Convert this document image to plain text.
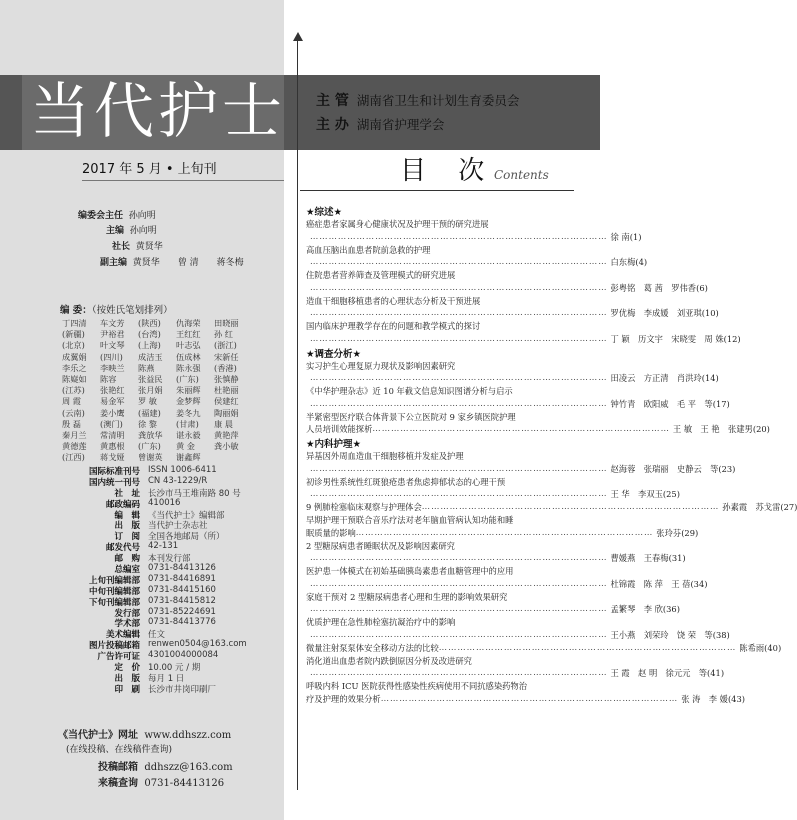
当代护士 主 管 湖南省卫生和计划生育委员会
主 办 湖南省护理学会
2017 年 5 月 • 上旬刊	目 次
Contents
编委会主任 孙向明
主编 孙向明
社长 黄贤华
副主编 黄贤华　　曾 清　　蒋冬梅
编 委：（按姓氏笔划排列）
丁四清	车文芳	(陕西)	仇海荣	田晓丽
(新疆)	尹裕君	(台湾)	王红红	孙 红
(北京)	叶文琴	(上海)	叶志弘	(浙江)
成翼娟	(四川)	成洁玉	伍成林	宋新任
李乐之	李映兰	陈燕	陈永强	(香港)
陈嶷如	陈容	张益民	(广东)	张慎静
(江苏)	张艳红	张月娟	朱丽辉	杜艳丽
周 霞	易金军	罗 敏	金梦辉	侯建红
(云南)	姜小鹰	(福建)	姜冬九	陶丽娟
殷 磊	(澳门)	徐 黎	(甘肃)	康 晨
秦月兰	常清明	龚放华	谌永毅	黄艳萍
黄德莲	黄惠根	(广东)	黄 金	龚小敏
(江西)	蒋戈娅	曾谢英	谢鑫辉
国际标准刊号 ISSN 1006-6411
国内统一刊号 CN 43-1229/R
社　址 长沙市马王堆南路 80 号
邮政编码 410016
编　辑 《当代护士》编辑部
出　版 当代护士杂志社
订　阅 全国各地邮局（所）
邮发代号 42-131
邮　购 本刊发行部
总编室 0731-84413126
上旬刊编辑部 0731-84416891
中旬刊编辑部 0731-84415160
下旬刊编辑部 0731-84415812
发行部 0731-85224691
学术部 0731-84413776
美术编辑 任文
图片投稿邮箱 renwen0504@163.com
广告许可证 4301004000084
定　价 10.00 元 / 期
出　版 每月 1 日
印　刷 长沙市井岗印刷厂
《当代护士》网址 www.ddhszz.com
(在线投稿、在线稿件查询)
投稿邮箱 ddhszz@163.com
来稿查询 0731-84413126
★综述★
癌症患者家属身心健康状况及护理干预的研究进展
…………………………………………………………………………………… 徐 南(1)
高血压脑出血患者院前急救的护理
…………………………………………………………………………………… 白东梅(4)
住院患者营养筛查及管理模式的研究进展
…………………………………………………………………………………… 彭粤铭　葛 茜　罗伟香(6)
造血干细胞移植患者的心理状态分析及干预进展
…………………………………………………………………………………… 罗优梅　李成媛　刘亚琪(10)
国内临床护理教学存在的问题和教学模式的探讨
…………………………………………………………………………………… 丁 颖　历文宇　宋晓雯　周 姝(12)
★调查分析★
实习护生心理复原力现状及影响因素研究
…………………………………………………………………………………… 田凌云　方正清　肖洪玲(14)
《中华护理杂志》近 10 年截文信息知识图谱分析与启示
…………………………………………………………………………………… 钟竹青　欧阳威　毛 平　等(17)
半紧密型医疗联合体背景下公立医院对 9 家乡镇医院护理
人员培训效能探析 …………………………………………………………………………………… 王 敏　王 艳　张建男(20)
★内科护理★
异基因外周血造血干细胞移植并发症及护理
…………………………………………………………………………………… 赵海蓉　张瑞丽　史静云　等(23)
初诊男性系统性红斑狼疮患者焦虑抑郁状态的心理干预
…………………………………………………………………………………… 王 华　李双玉(25)
9 例肺栓塞临床观察与护理体会 …………………………………………………………………………………… 孙素霞　苏戈雷(27)
早期护理干预联合音乐疗法对老年脑血管病认知功能和睡
眠质量的影响 …………………………………………………………………………………… 张玲芬(29)
2 型糖尿病患者睡眠状况及影响因素研究
…………………………………………………………………………………… 曹媛燕　王春梅(31)
医护患一体模式在初始基础胰岛素患者血糖管理中的应用
…………………………………………………………………………………… 杜锦霞　陈 萍　王 蓓(34)
家庭干预对 2 型糖尿病患者心理和生理的影响效果研究
…………………………………………………………………………………… 孟繁琴　李 欣(36)
优质护理在急性肺栓塞抗凝治疗中的影响
…………………………………………………………………………………… 王小燕　刘荣玲　饶 荣　等(38)
微量注射泵泵体安全移动方法的比较 …………………………………………………………………………………… 陈希雨(40)
消化道出血患者院内跌倒原因分析及改进研究
…………………………………………………………………………………… 王 霞　赵 明　徐元元　等(41)
呼吸内科 ICU 医院获得性感染性疾病使用不同抗感染药物治
疗及护理的效果分析 …………………………………………………………………………………… 张 涛　李 媛(43)
